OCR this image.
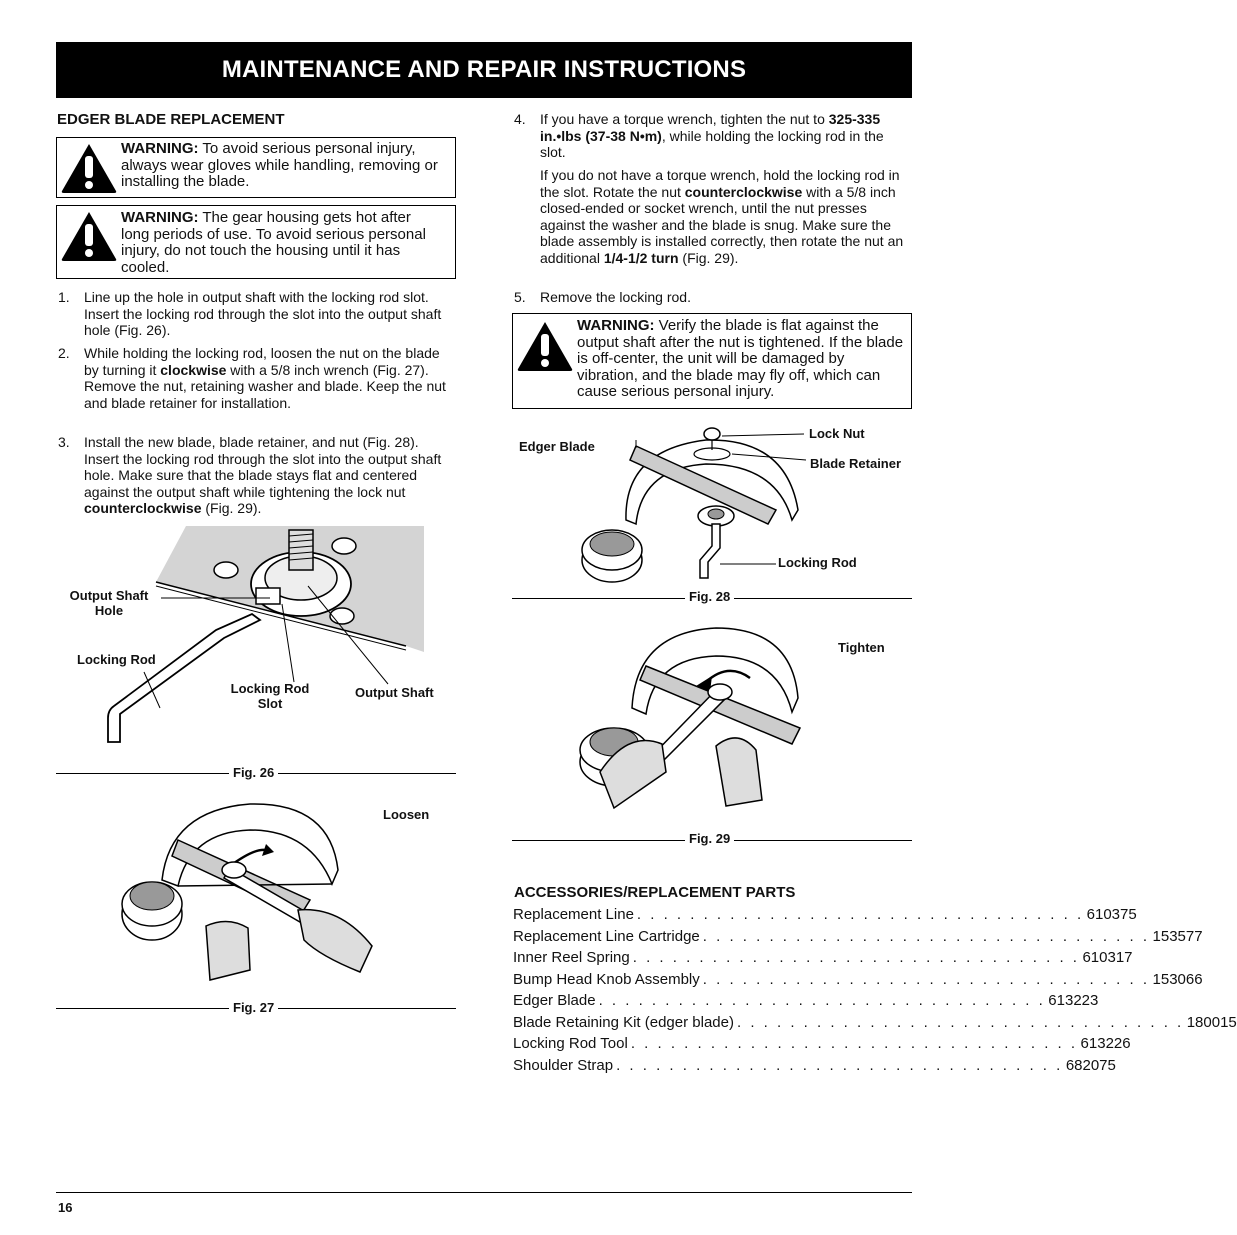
MAINTENANCE AND REPAIR INSTRUCTIONS
EDGER BLADE REPLACEMENT
WARNING: To avoid serious personal injury, always wear gloves while handling, removing or installing the blade.
WARNING: The gear housing gets hot after long periods of use. To avoid serious personal injury, do not touch the housing until it has cooled.
1. Line up the hole in output shaft with the locking rod slot. Insert the locking rod through the slot into the output shaft hole (Fig. 26).
2. While holding the locking rod, loosen the nut on the blade by turning it clockwise with a 5/8 inch wrench (Fig. 27). Remove the nut, retaining washer and blade. Keep the nut and blade retainer for installation.
3. Install the new blade, blade retainer, and nut (Fig. 28). Insert the locking rod through the slot into the output shaft hole. Make sure that the blade stays flat and centered against the output shaft while tightening the lock nut counterclockwise (Fig. 29).
Output Shaft Hole
Locking Rod
Locking Rod Slot
Output Shaft
Fig. 26
Loosen
Fig. 27
4. If you have a torque wrench, tighten the nut to 325-335 in.•lbs (37-38 N•m), while holding the locking rod in the slot.
If you do not have a torque wrench, hold the locking rod in the slot. Rotate the nut counterclockwise with a 5/8 inch closed-ended or socket wrench, until the nut presses against the washer and the blade is snug. Make sure the blade assembly is installed correctly, then rotate the nut an additional 1/4-1/2 turn (Fig. 29).
5. Remove the locking rod.
WARNING: Verify the blade is flat against the output shaft after the nut is tightened. If the blade is off-center, the unit will be damaged by vibration, and the blade may fly off, which can cause serious personal injury.
Edger Blade
Lock Nut
Blade Retainer
Locking Rod
Fig. 28
Tighten
Fig. 29
ACCESSORIES/REPLACEMENT PARTS
Replacement Line . . . . . . . . . . . . . . . . . . . . . . . . . . . . . . . . . . 610375
Replacement Line Cartridge . . . . . . . . . . . . . . . . . . . . . . . . . . . . . . . . . . 153577
Inner Reel Spring . . . . . . . . . . . . . . . . . . . . . . . . . . . . . . . . . . 610317
Bump Head Knob Assembly . . . . . . . . . . . . . . . . . . . . . . . . . . . . . . . . . . 153066
Edger Blade . . . . . . . . . . . . . . . . . . . . . . . . . . . . . . . . . . 613223
Blade Retaining Kit (edger blade) . . . . . . . . . . . . . . . . . . . . . . . . . . . . . . . . . . 180015
Locking Rod Tool . . . . . . . . . . . . . . . . . . . . . . . . . . . . . . . . . . 613226
Shoulder Strap . . . . . . . . . . . . . . . . . . . . . . . . . . . . . . . . . . 682075
16
